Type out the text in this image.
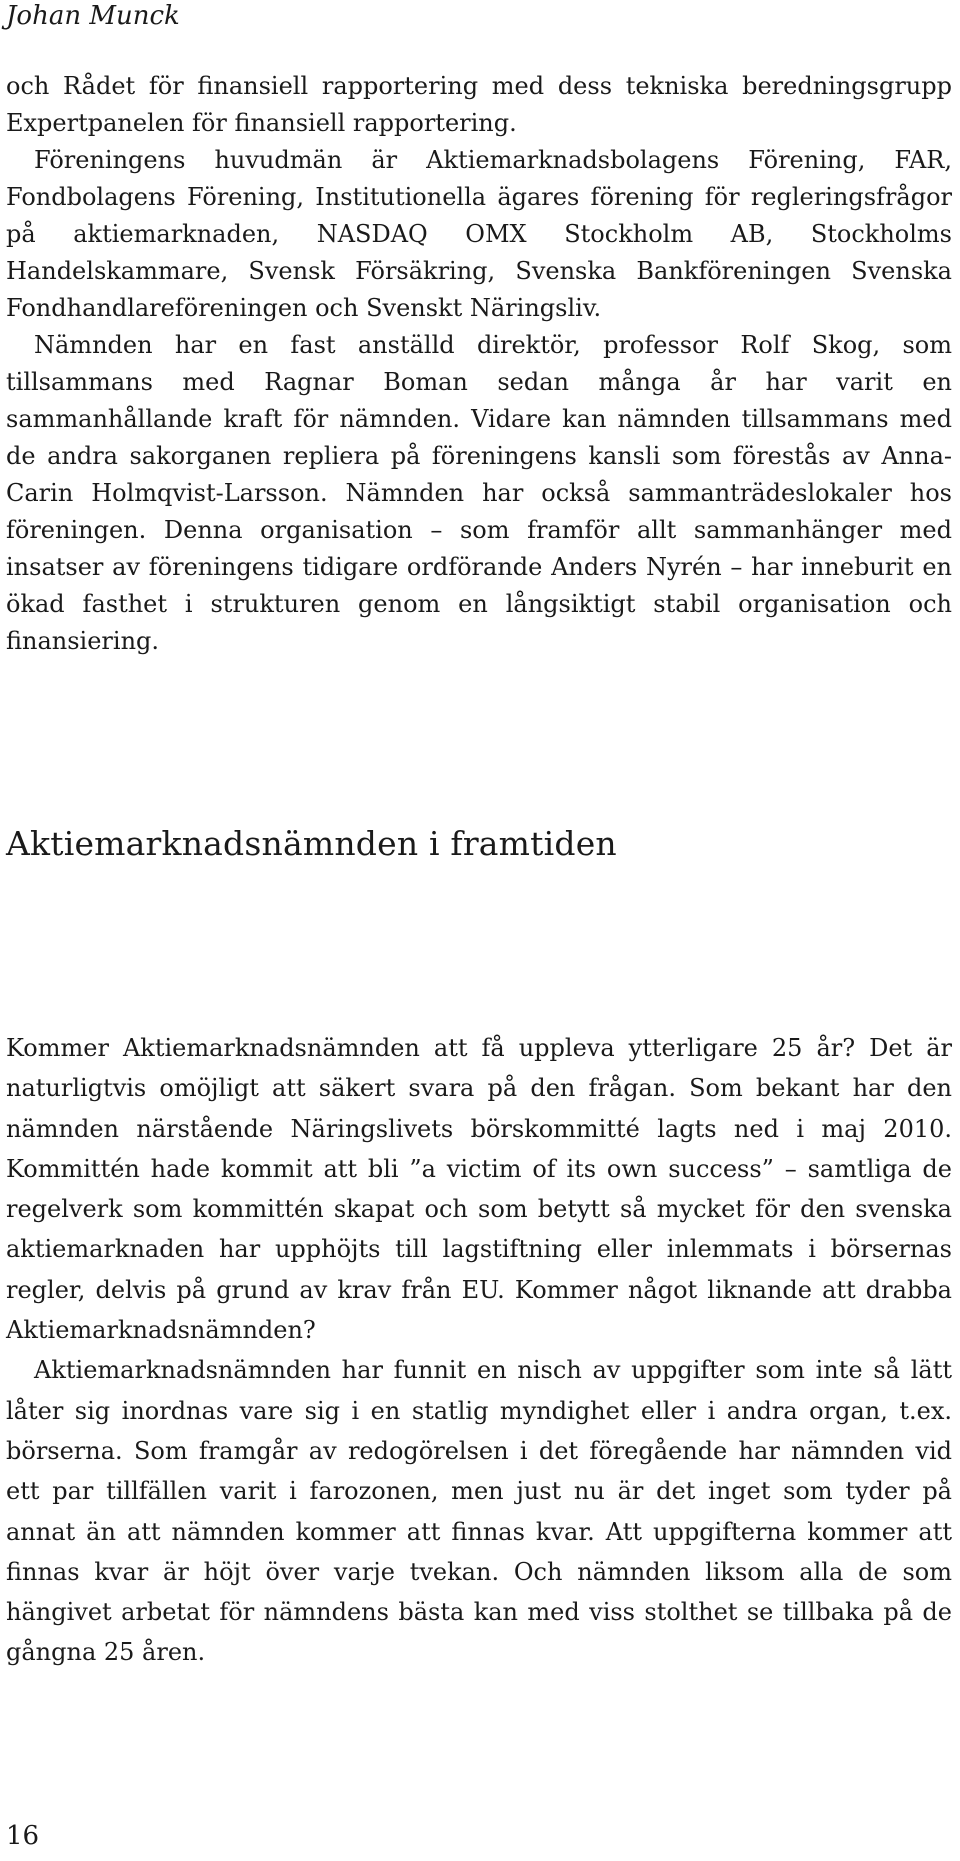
Johan Munck

och Rådet för finansiell rapportering med dess tekniska beredningsgrupp Expertpanelen för finansiell rapportering.

Föreningens huvudmän är Aktiemarknadsbolagens Förening, FAR, Fondbolagens Förening, Institutionella ägares förening för regleringsfrågor på aktiemarknaden, NASDAQ OMX Stockholm AB, Stockholms Handelskammare, Svensk Försäkring, Svenska Bankföreningen Svenska Fondhandlareföreningen och Svenskt Näringsliv.

Nämnden har en fast anställd direktör, professor Rolf Skog, som tillsammans med Ragnar Boman sedan många år har varit en sammanhållande kraft för nämnden. Vidare kan nämnden tillsammans med de andra sakorganen repliera på föreningens kansli som förestås av Anna-Carin Holmqvist-Larsson. Nämnden har också sammanträdeslokaler hos föreningen. Denna organisation – som framför allt sammanhänger med insatser av föreningens tidigare ordförande Anders Nyrén – har inneburit en ökad fasthet i strukturen genom en långsiktigt stabil organisation och finansiering.

Aktiemarknadsnämnden i framtiden

Kommer Aktiemarknadsnämnden att få uppleva ytterligare 25 år? Det är naturligtvis omöjligt att säkert svara på den frågan. Som bekant har den nämnden närstående Näringslivets börskommitté lagts ned i maj 2010. Kommittén hade kommit att bli ”a victim of its own success” – samtliga de regelverk som kommittén skapat och som betytt så mycket för den svenska aktiemarknaden har upphöjts till lagstiftning eller inlemmats i börsernas regler, delvis på grund av krav från EU. Kommer något liknande att drabba Aktiemarknadsnämnden?

Aktiemarknadsnämnden har funnit en nisch av uppgifter som inte så lätt låter sig inordnas vare sig i en statlig myndighet eller i andra organ, t.ex. börserna. Som framgår av redogörelsen i det föregående har nämnden vid ett par tillfällen varit i farozonen, men just nu är det inget som tyder på annat än att nämnden kommer att finnas kvar. Att uppgifterna kommer att finnas kvar är höjt över varje tvekan. Och nämnden liksom alla de som hängivet arbetat för nämndens bästa kan med viss stolthet se tillbaka på de gångna 25 åren.

16
